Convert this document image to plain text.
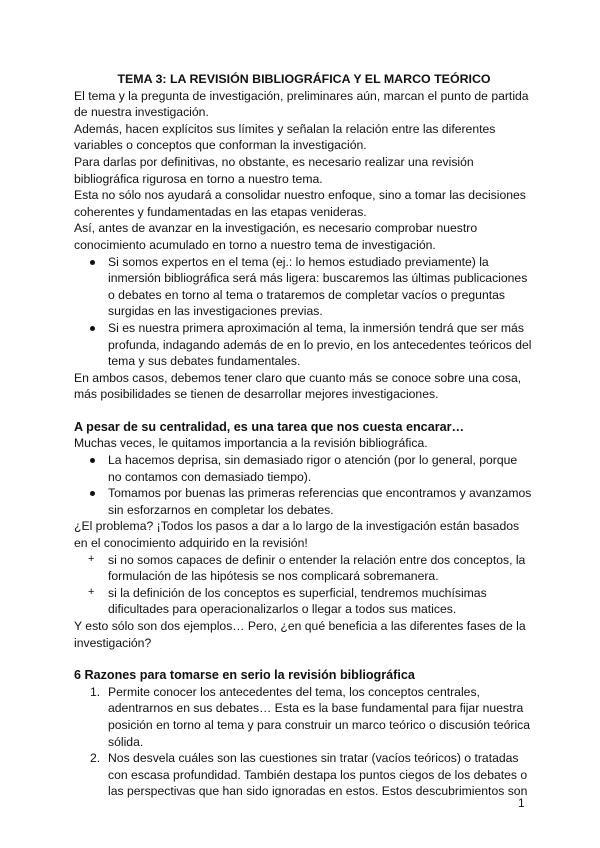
TEMA 3: LA REVISIÓN BIBLIOGRÁFICA Y EL MARCO TEÓRICO

El tema y la pregunta de investigación, preliminares aún, marcan el punto de partida de nuestra investigación.

Además, hacen explícitos sus límites y señalan la relación entre las diferentes variables o conceptos que conforman la investigación.

Para darlas por definitivas, no obstante, es necesario realizar una revisión bibliográfica rigurosa en torno a nuestro tema.

Esta no sólo nos ayudará a consolidar nuestro enfoque, sino a tomar las decisiones coherentes y fundamentadas en las etapas venideras.

Así, antes de avanzar en la investigación, es necesario comprobar nuestro conocimiento acumulado en torno a nuestro tema de investigación.

Si somos expertos en el tema (ej.: lo hemos estudiado previamente) la inmersión bibliográfica será más ligera: buscaremos las últimas publicaciones o debates en torno al tema o trataremos de completar vacíos o preguntas surgidas en las investigaciones previas.
Si es nuestra primera aproximación al tema, la inmersión tendrá que ser más profunda, indagando además de en lo previo, en los antecedentes teóricos del tema y sus debates fundamentales.

En ambos casos, debemos tener claro que cuanto más se conoce sobre una cosa, más posibilidades se tienen de desarrollar mejores investigaciones.

A pesar de su centralidad, es una tarea que nos cuesta encarar…

Muchas veces, le quitamos importancia a la revisión bibliográfica.

La hacemos deprisa, sin demasiado rigor o atención (por lo general, porque no contamos con demasiado tiempo).
Tomamos por buenas las primeras referencias que encontramos y avanzamos sin esforzarnos en completar los debates.

¿El problema? ¡Todos los pasos a dar a lo largo de la investigación están basados en el conocimiento adquirido en la revisión!

+ si no somos capaces de definir o entender la relación entre dos conceptos, la formulación de las hipótesis se nos complicará sobremanera.
+ si la definición de los conceptos es superficial, tendremos muchísimas dificultades para operacionalizarlos o llegar a todos sus matices.

Y esto sólo son dos ejemplos… Pero, ¿en qué beneficia a las diferentes fases de la investigación?

6 Razones para tomarse en serio la revisión bibliográfica

1. Permite conocer los antecedentes del tema, los conceptos centrales, adentrarnos en sus debates… Esta es la base fundamental para fijar nuestra posición en torno al tema y para construir un marco teórico o discusión teórica sólida.
2. Nos desvela cuáles son las cuestiones sin tratar (vacíos teóricos) o tratadas con escasa profundidad. También destapa los puntos ciegos de los debates o las perspectivas que han sido ignoradas en estos. Estos descubrimientos son
1
